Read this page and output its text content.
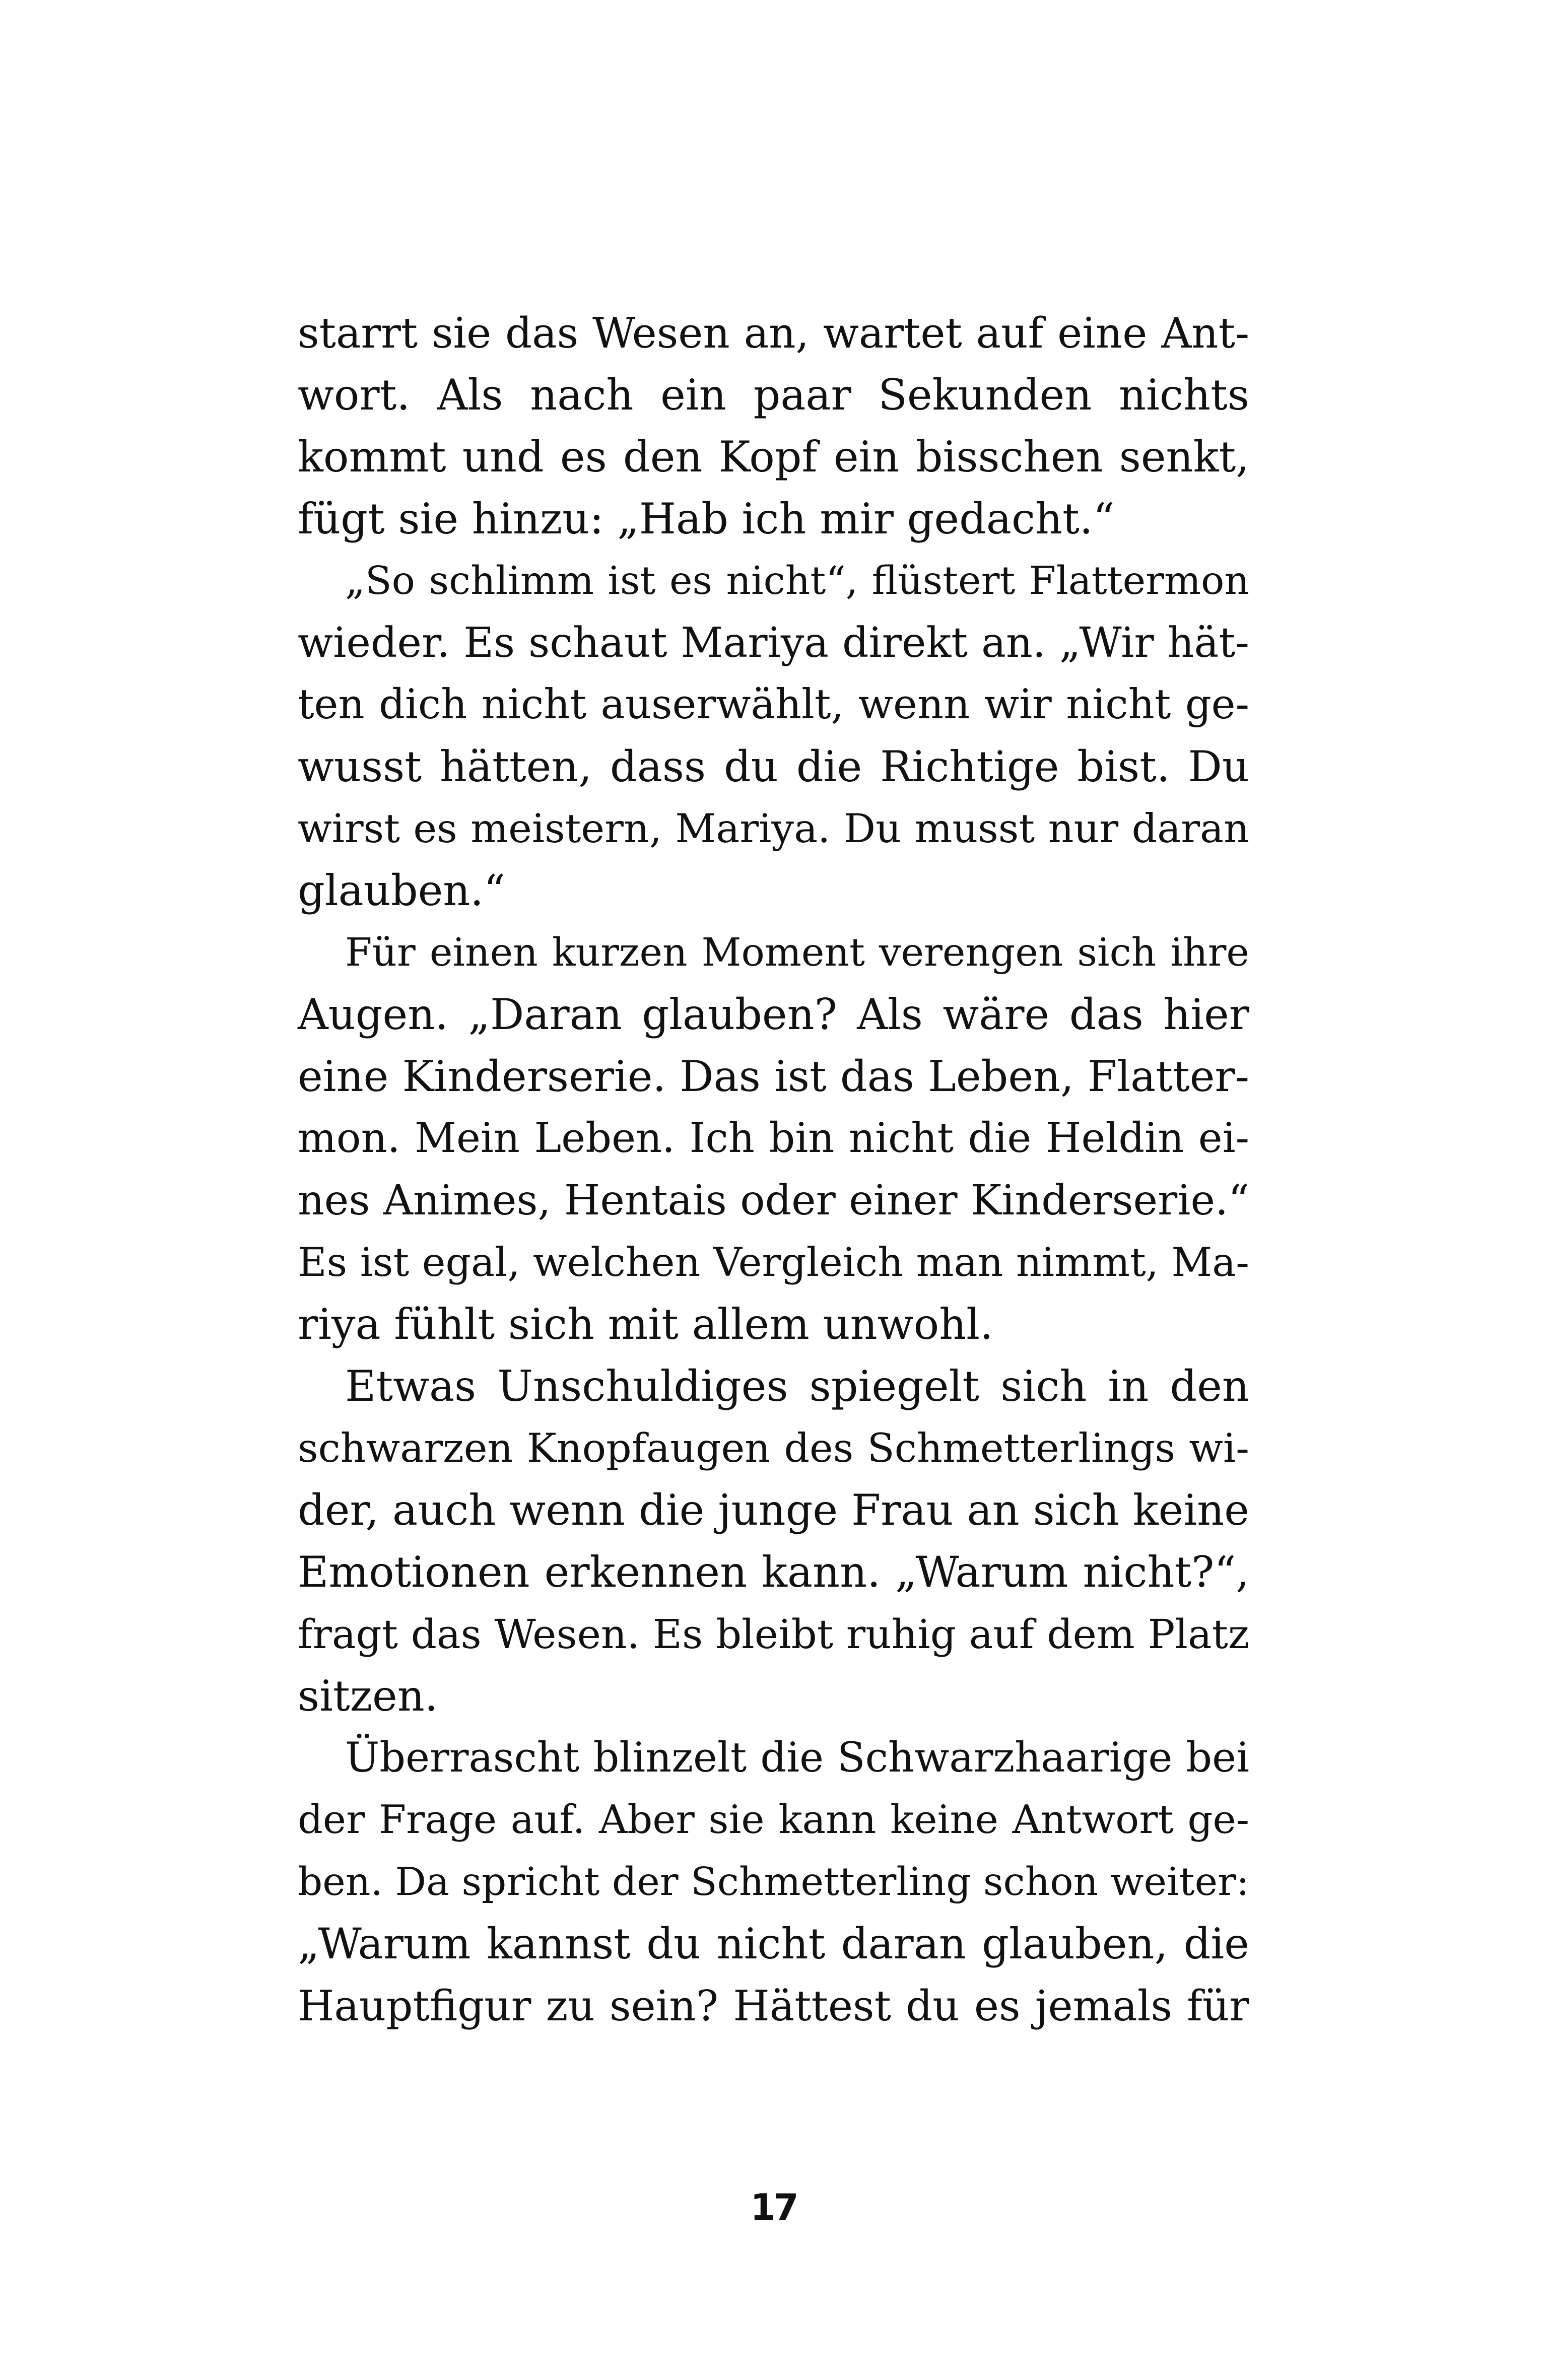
starrt sie das Wesen an, wartet auf eine Ant-
wort. Als nach ein paar Sekunden nichts
kommt und es den Kopf ein bisschen senkt,
fügt sie hinzu: „Hab ich mir gedacht.“
„So schlimm ist es nicht“, flüstert Flattermon
wieder. Es schaut Mariya direkt an. „Wir hät-
ten dich nicht auserwählt, wenn wir nicht ge-
wusst hätten, dass du die Richtige bist. Du
wirst es meistern, Mariya. Du musst nur daran
glauben.“
Für einen kurzen Moment verengen sich ihre
Augen. „Daran glauben? Als wäre das hier
eine Kinderserie. Das ist das Leben, Flatter-
mon. Mein Leben. Ich bin nicht die Heldin ei-
nes Animes, Hentais oder einer Kinderserie.“
Es ist egal, welchen Vergleich man nimmt, Ma-
riya fühlt sich mit allem unwohl.
Etwas Unschuldiges spiegelt sich in den
schwarzen Knopfaugen des Schmetterlings wi-
der, auch wenn die junge Frau an sich keine
Emotionen erkennen kann. „Warum nicht?“,
fragt das Wesen. Es bleibt ruhig auf dem Platz
sitzen.
Überrascht blinzelt die Schwarzhaarige bei
der Frage auf. Aber sie kann keine Antwort ge-
ben. Da spricht der Schmetterling schon weiter:
„Warum kannst du nicht daran glauben, die
Hauptfigur zu sein? Hättest du es jemals für
17
